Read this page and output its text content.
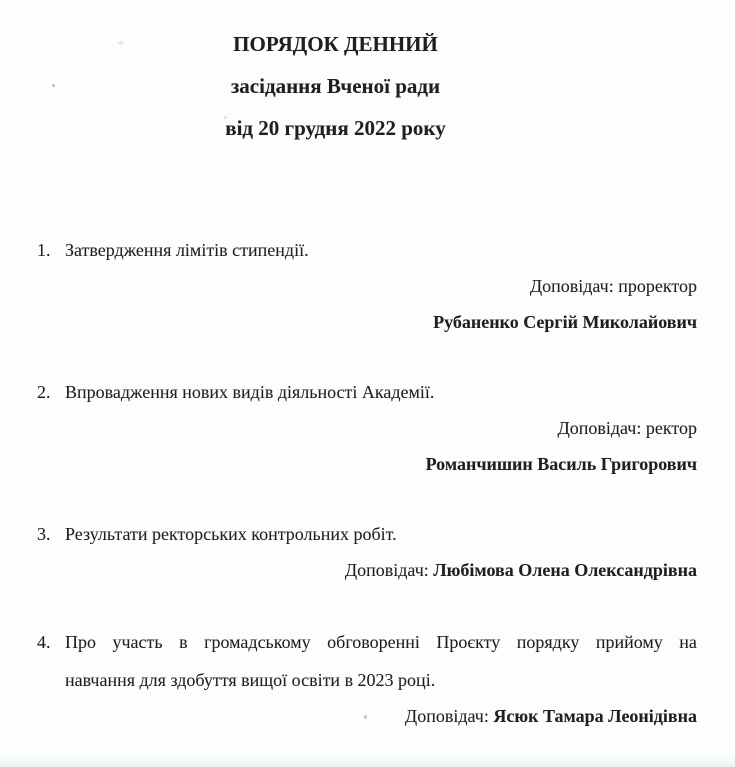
ПОРЯДОК ДЕННИЙ
засідання Вченої ради
від 20 грудня 2022 року
1. Затвердження лімітів стипендії.
Доповідач: проректор
Рубаненко Сергій Миколайович
2. Впровадження нових видів діяльності Академії.
Доповідач: ректор
Романчишин Василь Григорович
3. Результати ректорських контрольних робіт.
Доповідач: Любімова Олена Олександрівна
4. Про участь в громадському обговоренні Проєкту порядку прийому на
навчання для здобуття вищої освіти в 2023 році.
Доповідач: Ясюк Тамара Леонідівна
